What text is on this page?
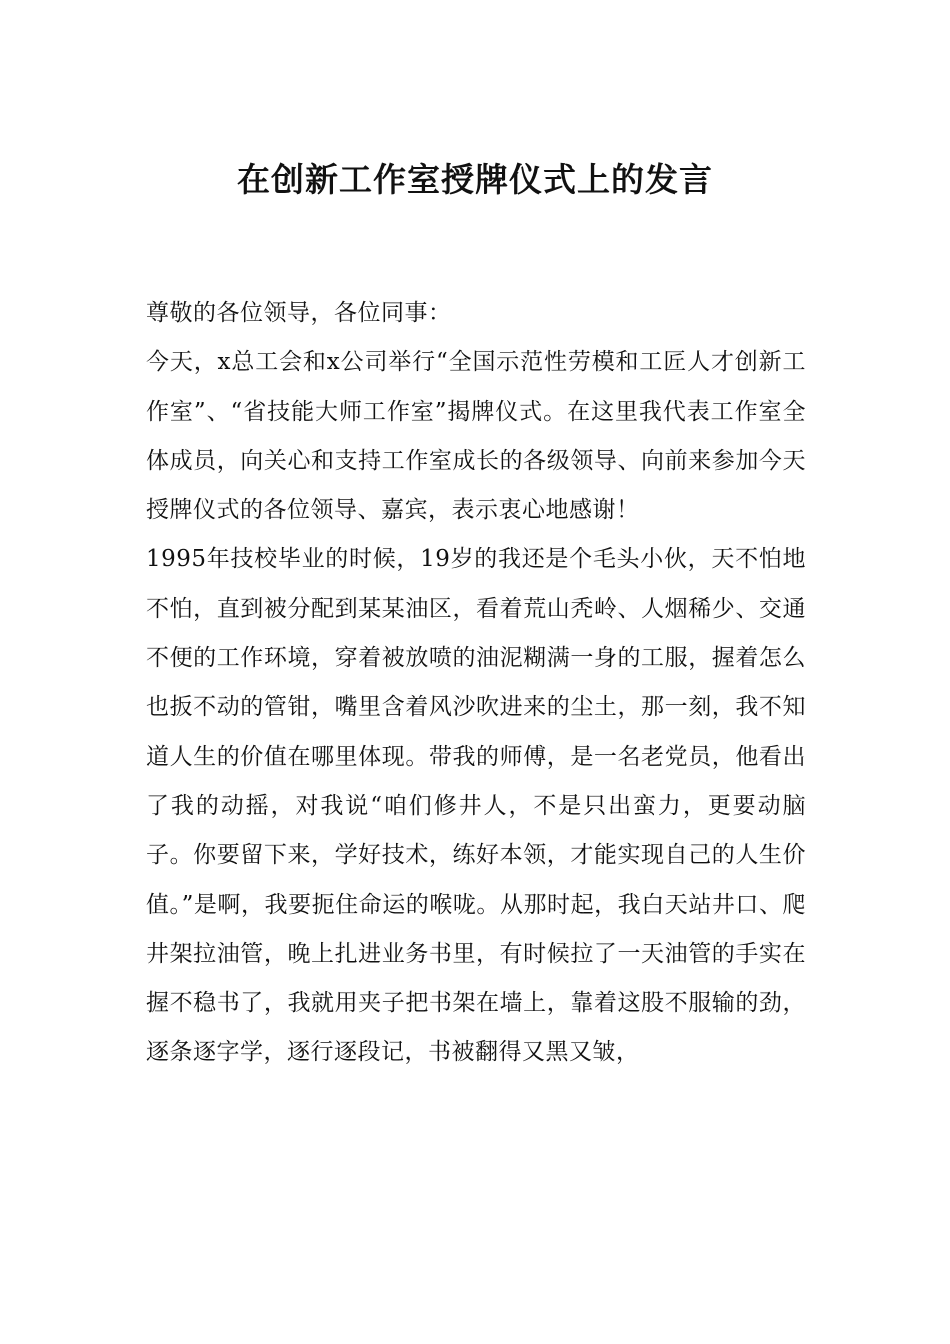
在创新工作室授牌仪式上的发言

尊敬的各位领导，各位同事：

今天，x总工会和x公司举行“全国示范性劳模和工匠人才创新工作室”、“省技能大师工作室”揭牌仪式。在这里我代表工作室全体成员，向关心和支持工作室成长的各级领导、向前来参加今天授牌仪式的各位领导、嘉宾，表示衷心地感谢！

1995年技校毕业的时候，19岁的我还是个毛头小伙，天不怕地不怕，直到被分配到某某油区，看着荒山秃岭、人烟稀少、交通不便的工作环境，穿着被放喷的油泥糊满一身的工服，握着怎么也扳不动的管钳，嘴里含着风沙吹进来的尘土，那一刻，我不知道人生的价值在哪里体现。带我的师傅，是一名老党员，他看出了我的动摇，对我说“咱们修井人，不是只出蛮力，更要动脑子。你要留下来，学好技术，练好本领，才能实现自己的人生价值。”是啊，我要扼住命运的喉咙。从那时起，我白天站井口、爬井架拉油管，晚上扎进业务书里，有时候拉了一天油管的手实在握不稳书了，我就用夹子把书架在墙上，靠着这股不服输的劲，逐条逐字学，逐行逐段记，书被翻得又黑又皱，
